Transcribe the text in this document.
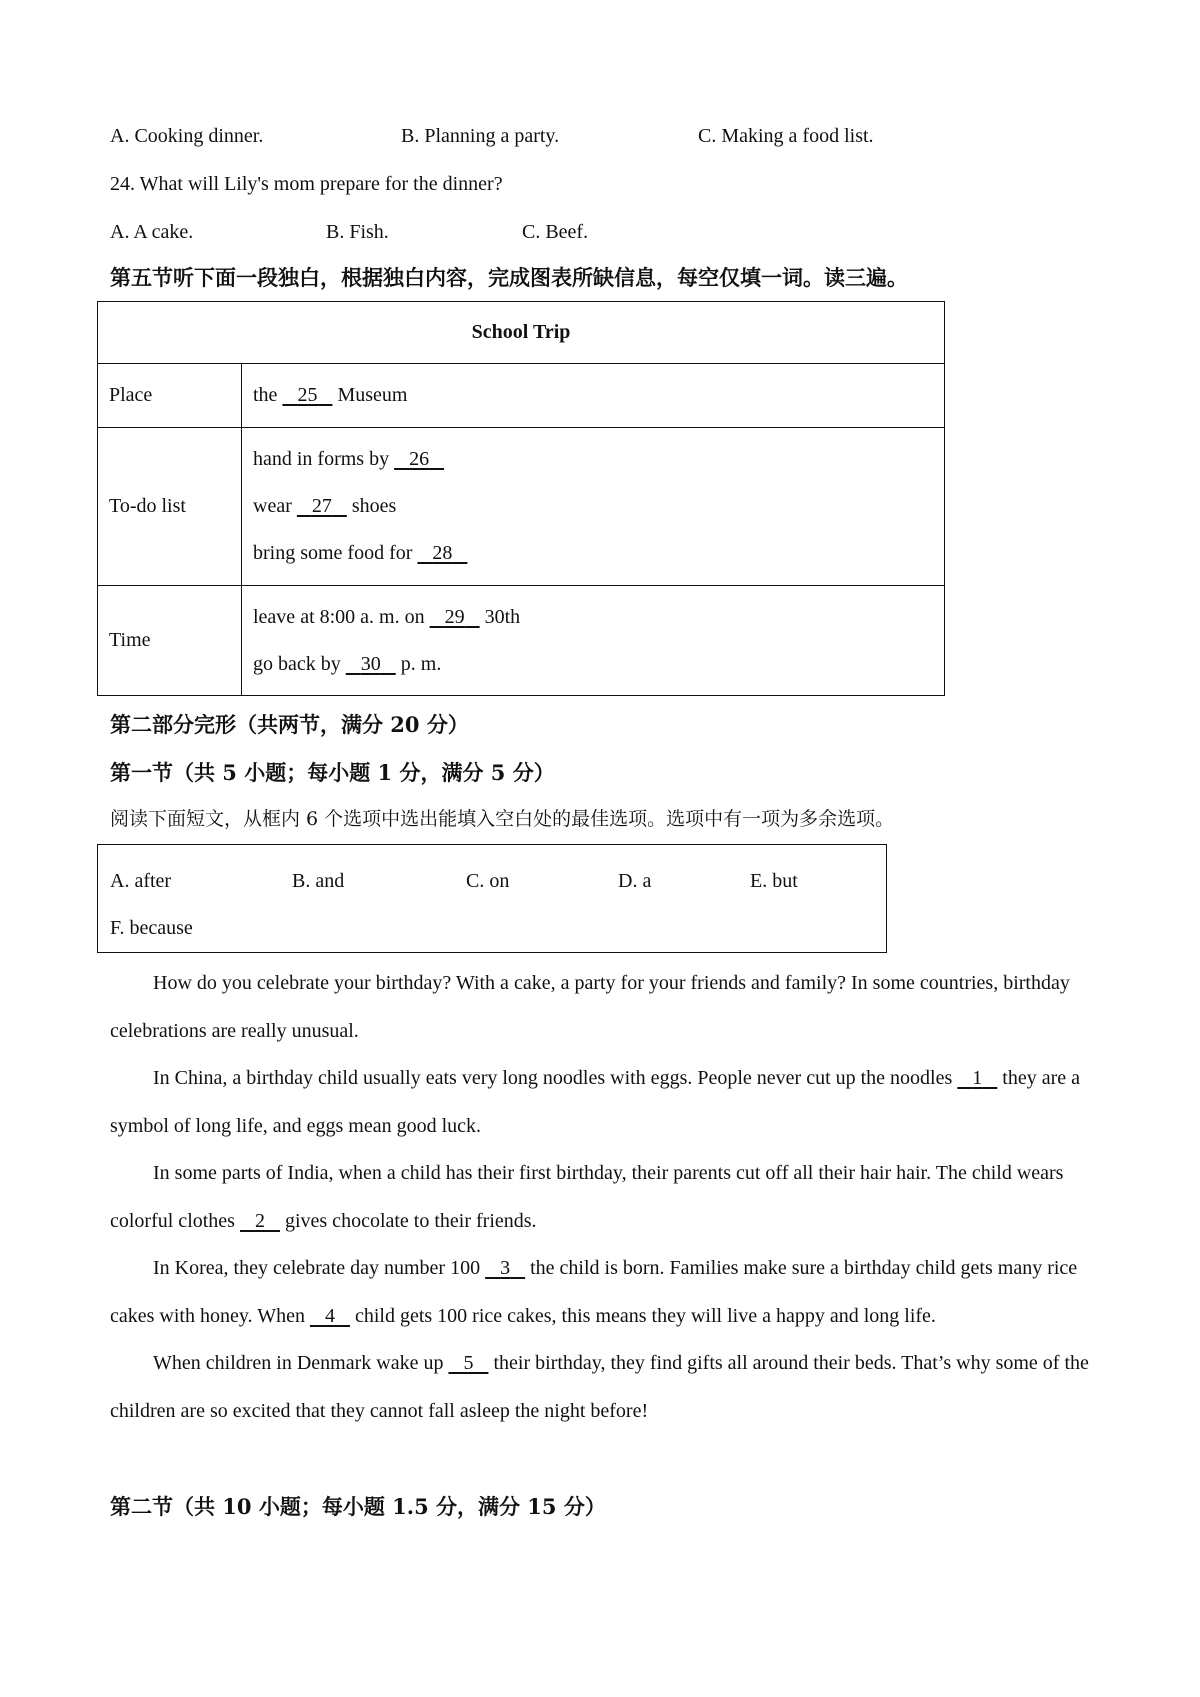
A. Cooking dinner.	B. Planning a party.	C. Making a food list.
24. What will Lily's mom prepare for the dinner?
A. A cake.	B. Fish.	C. Beef.
第五节听下面一段独白，根据独白内容，完成图表所缺信息，每空仅填一词。读三遍。
School Trip	
Place	the 25 Museum
To-do list	hand in forms by 26
wear 27 shoes
bring some food for 28

Time	leave at 8:00 a. m. on 29 30th
go back by 30 p. m.
第二部分完形（共两节，满分 20 分）
第一节（共 5 小题；每小题 1 分，满分 5 分）
阅读下面短文，从框内 6 个选项中选出能填入空白处的最佳选项。选项中有一项为多余选项。
A. after	B. and	C. on	D. a	E. but
F. because

How do you celebrate your birthday? With a cake, a party for your friends and family? In some countries, birthday celebrations are really unusual.

In China, a birthday child usually eats very long noodles with eggs. People never cut up the noodles    1    they are a symbol of long life, and eggs mean good luck.

In some parts of India, when a child has their first birthday, their parents cut off all their hair hair. The child wears colorful clothes    2    gives chocolate to their friends.

In Korea, they celebrate day number 100    3    the child is born. Families make sure a birthday child gets many rice cakes with honey. When    4    child gets 100 rice cakes, this means they will live a happy and long life.

When children in Denmark wake up    5    their birthday, they find gifts all around their beds. That’s why some of the children are so excited that they cannot fall asleep the night before!

第二节（共 10 小题；每小题 1.5 分，满分 15 分）
